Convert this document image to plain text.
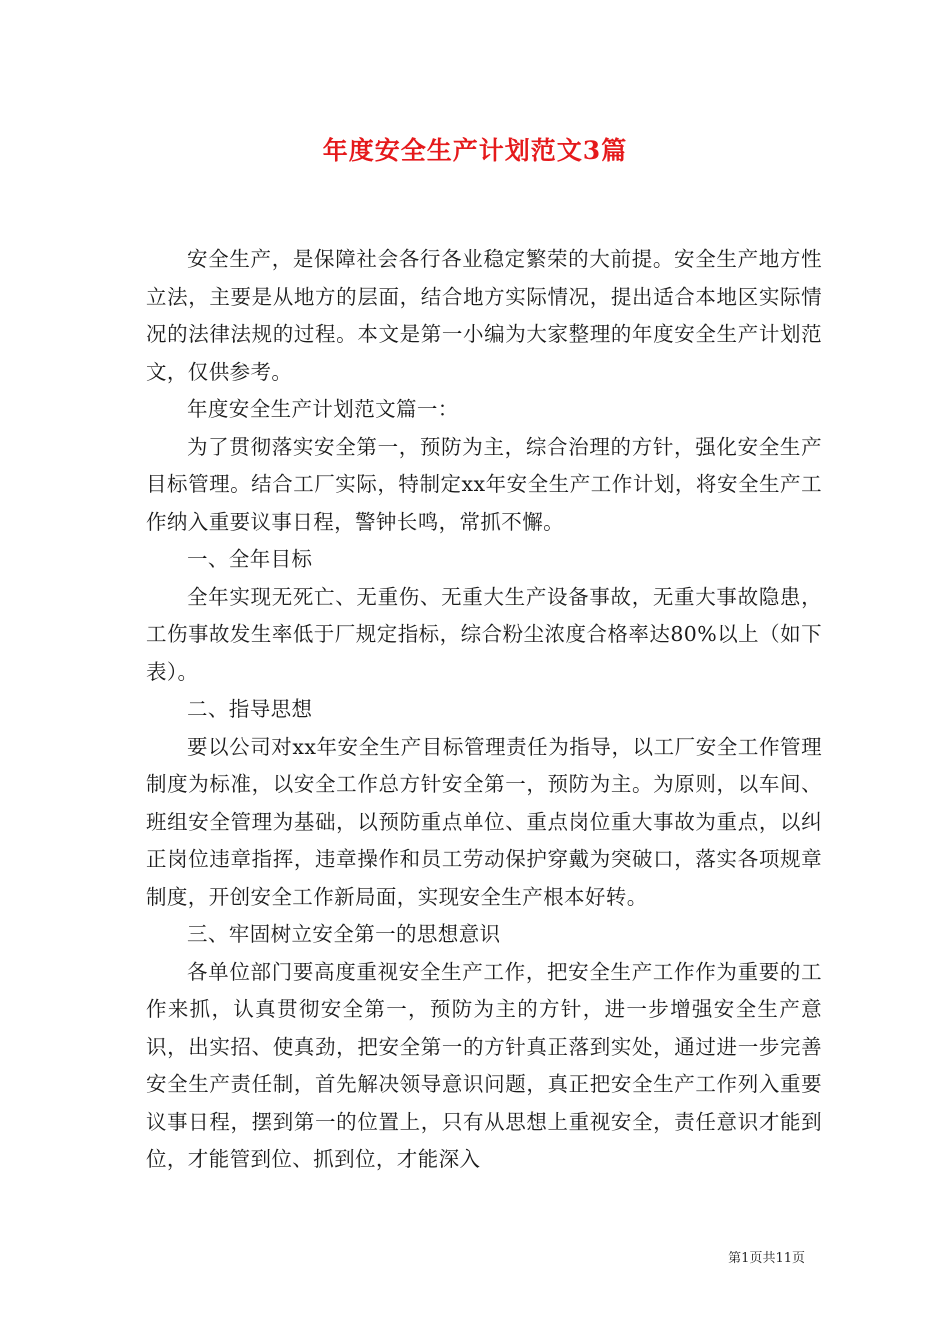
年度安全生产计划范文3篇

安全生产，是保障社会各行各业稳定繁荣的大前提。安全生产地方性立法，主要是从地方的层面，结合地方实际情况，提出适合本地区实际情况的法律法规的过程。本文是第一小编为大家整理的年度安全生产计划范文，仅供参考。

年度安全生产计划范文篇一：

为了贯彻落实安全第一，预防为主，综合治理的方针，强化安全生产目标管理。结合工厂实际，特制定xx年安全生产工作计划，将安全生产工作纳入重要议事日程，警钟长鸣，常抓不懈。

一、全年目标

全年实现无死亡、无重伤、无重大生产设备事故，无重大事故隐患，工伤事故发生率低于厂规定指标，综合粉尘浓度合格率达80%以上（如下表）。

二、指导思想

要以公司对xx年安全生产目标管理责任为指导，以工厂安全工作管理制度为标准，以安全工作总方针安全第一，预防为主。为原则，以车间、班组安全管理为基础，以预防重点单位、重点岗位重大事故为重点，以纠正岗位违章指挥，违章操作和员工劳动保护穿戴为突破口，落实各项规章制度，开创安全工作新局面，实现安全生产根本好转。

三、牢固树立安全第一的思想意识

各单位部门要高度重视安全生产工作，把安全生产工作作为重要的工作来抓，认真贯彻安全第一，预防为主的方针，进一步增强安全生产意识，出实招、使真劲，把安全第一的方针真正落到实处，通过进一步完善安全生产责任制，首先解决领导意识问题，真正把安全生产工作列入重要议事日程，摆到第一的位置上，只有从思想上重视安全，责任意识才能到位，才能管到位、抓到位，才能深入

第1页共11页
